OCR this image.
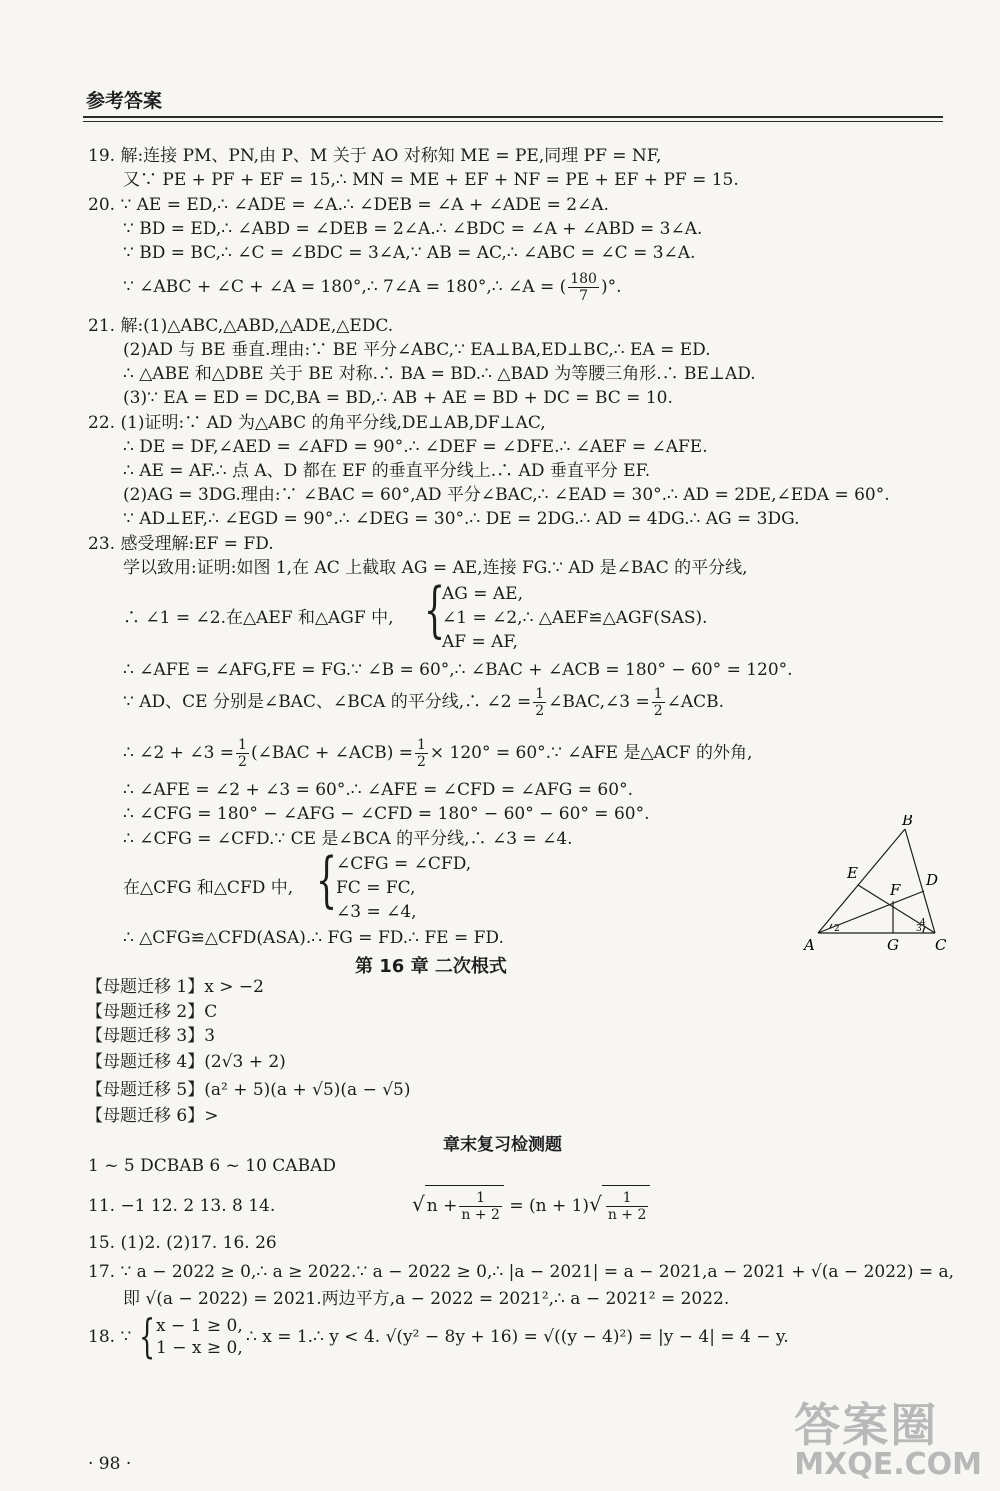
参考答案
19. 解:连接 PM、PN,由 P、M 关于 AO 对称知 ME = PE,同理 PF = NF,
又∵ PE + PF + EF = 15,∴ MN = ME + EF + NF = PE + EF + PF = 15.
20. ∵ AE = ED,∴ ∠ADE = ∠A.∴ ∠DEB = ∠A + ∠ADE = 2∠A.
∵ BD = ED,∴ ∠ABD = ∠DEB = 2∠A.∴ ∠BDC = ∠A + ∠ABD = 3∠A.
∵ BD = BC,∴ ∠C = ∠BDC = 3∠A,∵ AB = AC,∴ ∠ABC = ∠C = 3∠A.
∵ ∠ABC + ∠C + ∠A = 180°,∴ 7∠A = 180°,∴ ∠A = ( $\frac{180}{7}$ )°.
21. 解:(1)△ABC,△ABD,△ADE,△EDC.
(2)AD 与 BE 垂直.理由:∵ BE 平分∠ABC,∵ EA⊥BA,ED⊥BC,∴ EA = ED.
∴ △ABE 和△DBE 关于 BE 对称.∴ BA = BD.∴ △BAD 为等腰三角形.∴ BE⊥AD.
(3)∵ EA = ED = DC,BA = BD,∴ AB + AE = BD + DC = BC = 10.
22. (1)证明:∵ AD 为△ABC 的角平分线,DE⊥AB,DF⊥AC,
∴ DE = DF,∠AED = ∠AFD = 90°.∴ ∠DEF = ∠DFE.∴ ∠AEF = ∠AFE.
∴ AE = AF.∴ 点 A、D 都在 EF 的垂直平分线上.∴ AD 垂直平分 EF.
(2)AG = 3DG.理由:∵ ∠BAC = 60°,AD 平分∠BAC,∴ ∠EAD = 30°.∴ AD = 2DE,∠EDA = 60°.
∵ AD⊥EF,∴ ∠EGD = 90°.∴ ∠DEG = 30°.∴ DE = 2DG.∴ AD = 4DG.∴ AG = 3DG.
23. 感受理解:EF = FD.
学以致用:证明:如图 1,在 AC 上截取 AG = AE,连接 FG.∵ AD 是∠BAC 的平分线,
∴ ∠1 = ∠2.在△AEF 和△AGF 中, {
AG = AE,
∠1 = ∠2,∴ △AEF≌△AGF(SAS).
AF = AF,
∴ ∠AFE = ∠AFG,FE = FG.∵ ∠B = 60°,∴ ∠BAC + ∠ACB = 180° − 60° = 120°.
∵ AD、CE 分别是∠BAC、∠BCA 的平分线,∴ ∠2 = $\frac{1}{2}$ ∠BAC,∠3 = $\frac{1}{2}$ ∠ACB.
∴ ∠2 + ∠3 = $\frac{1}{2}$ (∠BAC + ∠ACB) = $\frac{1}{2} \times 120^\circ$ = 60°.∵ ∠AFE 是△ACF 的外角,
∴ ∠AFE = ∠2 + ∠3 = 60°.∴ ∠AFE = ∠CFD = ∠AFG = 60°.
∴ ∠CFG = 180° − ∠AFG − ∠CFD = 180° − 60° − 60° = 60°.
∴ ∠CFG = ∠CFD.∵ CE 是∠BCA 的平分线,∴ ∠3 = ∠4.
在△CFG 和△CFD 中, {
∠CFG = ∠CFD,
FC = FC,
∠3 = ∠4,
∴ △CFG≌△CFD(ASA).∴ FG = FD.∴ FE = FD.	A
B
C
D
E
F
G
2	3
4
第 16 章 二次根式
【母题迁移 1】x > −2
【母题迁移 2】C
【母题迁移 3】3
【母题迁移 4】(2√3 + 2)
【母题迁移 5】(a² + 5)(a + √5)(a − √5)
【母题迁移 6】>
章末复习检测题
1 ~ 5 DCBAB 6 ~ 10 CABAD
11. −1 12. 2 13. 8 14.	√ $n + \frac{1}{n + 2} = (n + 1)√ \frac{1}{n + 2}$
15. (1)2. (2)17. 16. 26
17. ∵ a − 2022 ≥ 0,∴ a ≥ 2022.∵ a − 2022 ≥ 0,∴ |a − 2021| = a − 2021,a − 2021 + √(a − 2022) = a,
即 √(a − 2022) = 2021.两边平方,a − 2022 = 2021²,∴ a − 2021² = 2022.
18. ∵ { x − 1 ≥ 0,
1 − x ≥ 0,
∴ x = 1.∴ y < 4. √(y² − 8y + 16) = √((y − 4)²) = |y − 4| = 4 − y.
· 98 ·
答案圈
MXQE.COM
